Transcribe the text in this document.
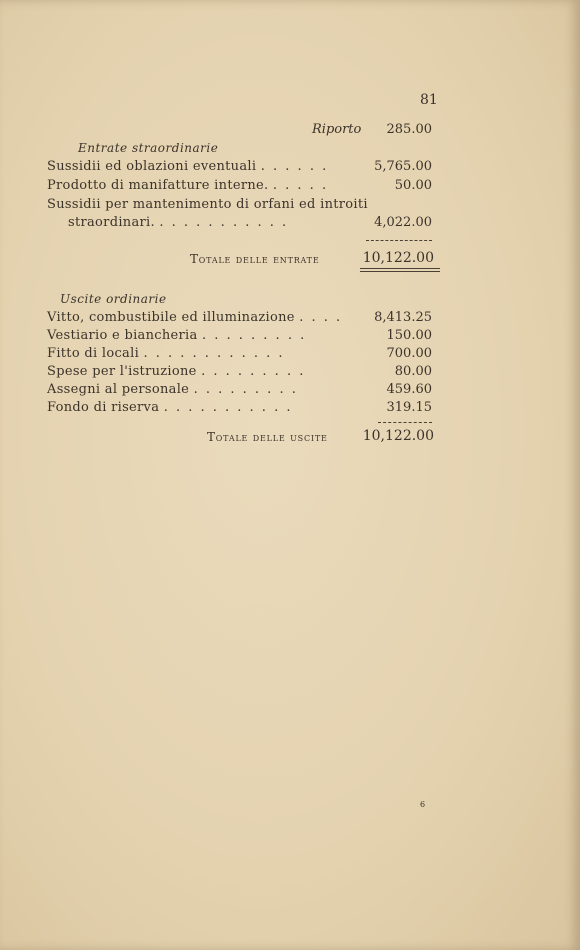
81
Riporto	285.00
Entrate straordinarie
Sussidii ed oblazioni eventuali . . . . . .	5,765.00
Prodotto di manifatture interne. . . . . .	50.00
Sussidii per mantenimento di orfani ed introiti
straordinari. . . . . . . . . . . .	4,022.00
Totale delle entrate	10,122.00
Uscite ordinarie
Vitto, combustibile ed illuminazione . . . .	8,413.25
Vestiario e biancheria . . . . . . . . .	150.00
Fitto di locali . . . . . . . . . . . .	700.00
Spese per l'istruzione . . . . . . . . .	80.00
Assegni al personale . . . . . . . . .	459.60
Fondo di riserva . . . . . . . . . . .	319.15
Totale delle uscite	10,122.00
6
